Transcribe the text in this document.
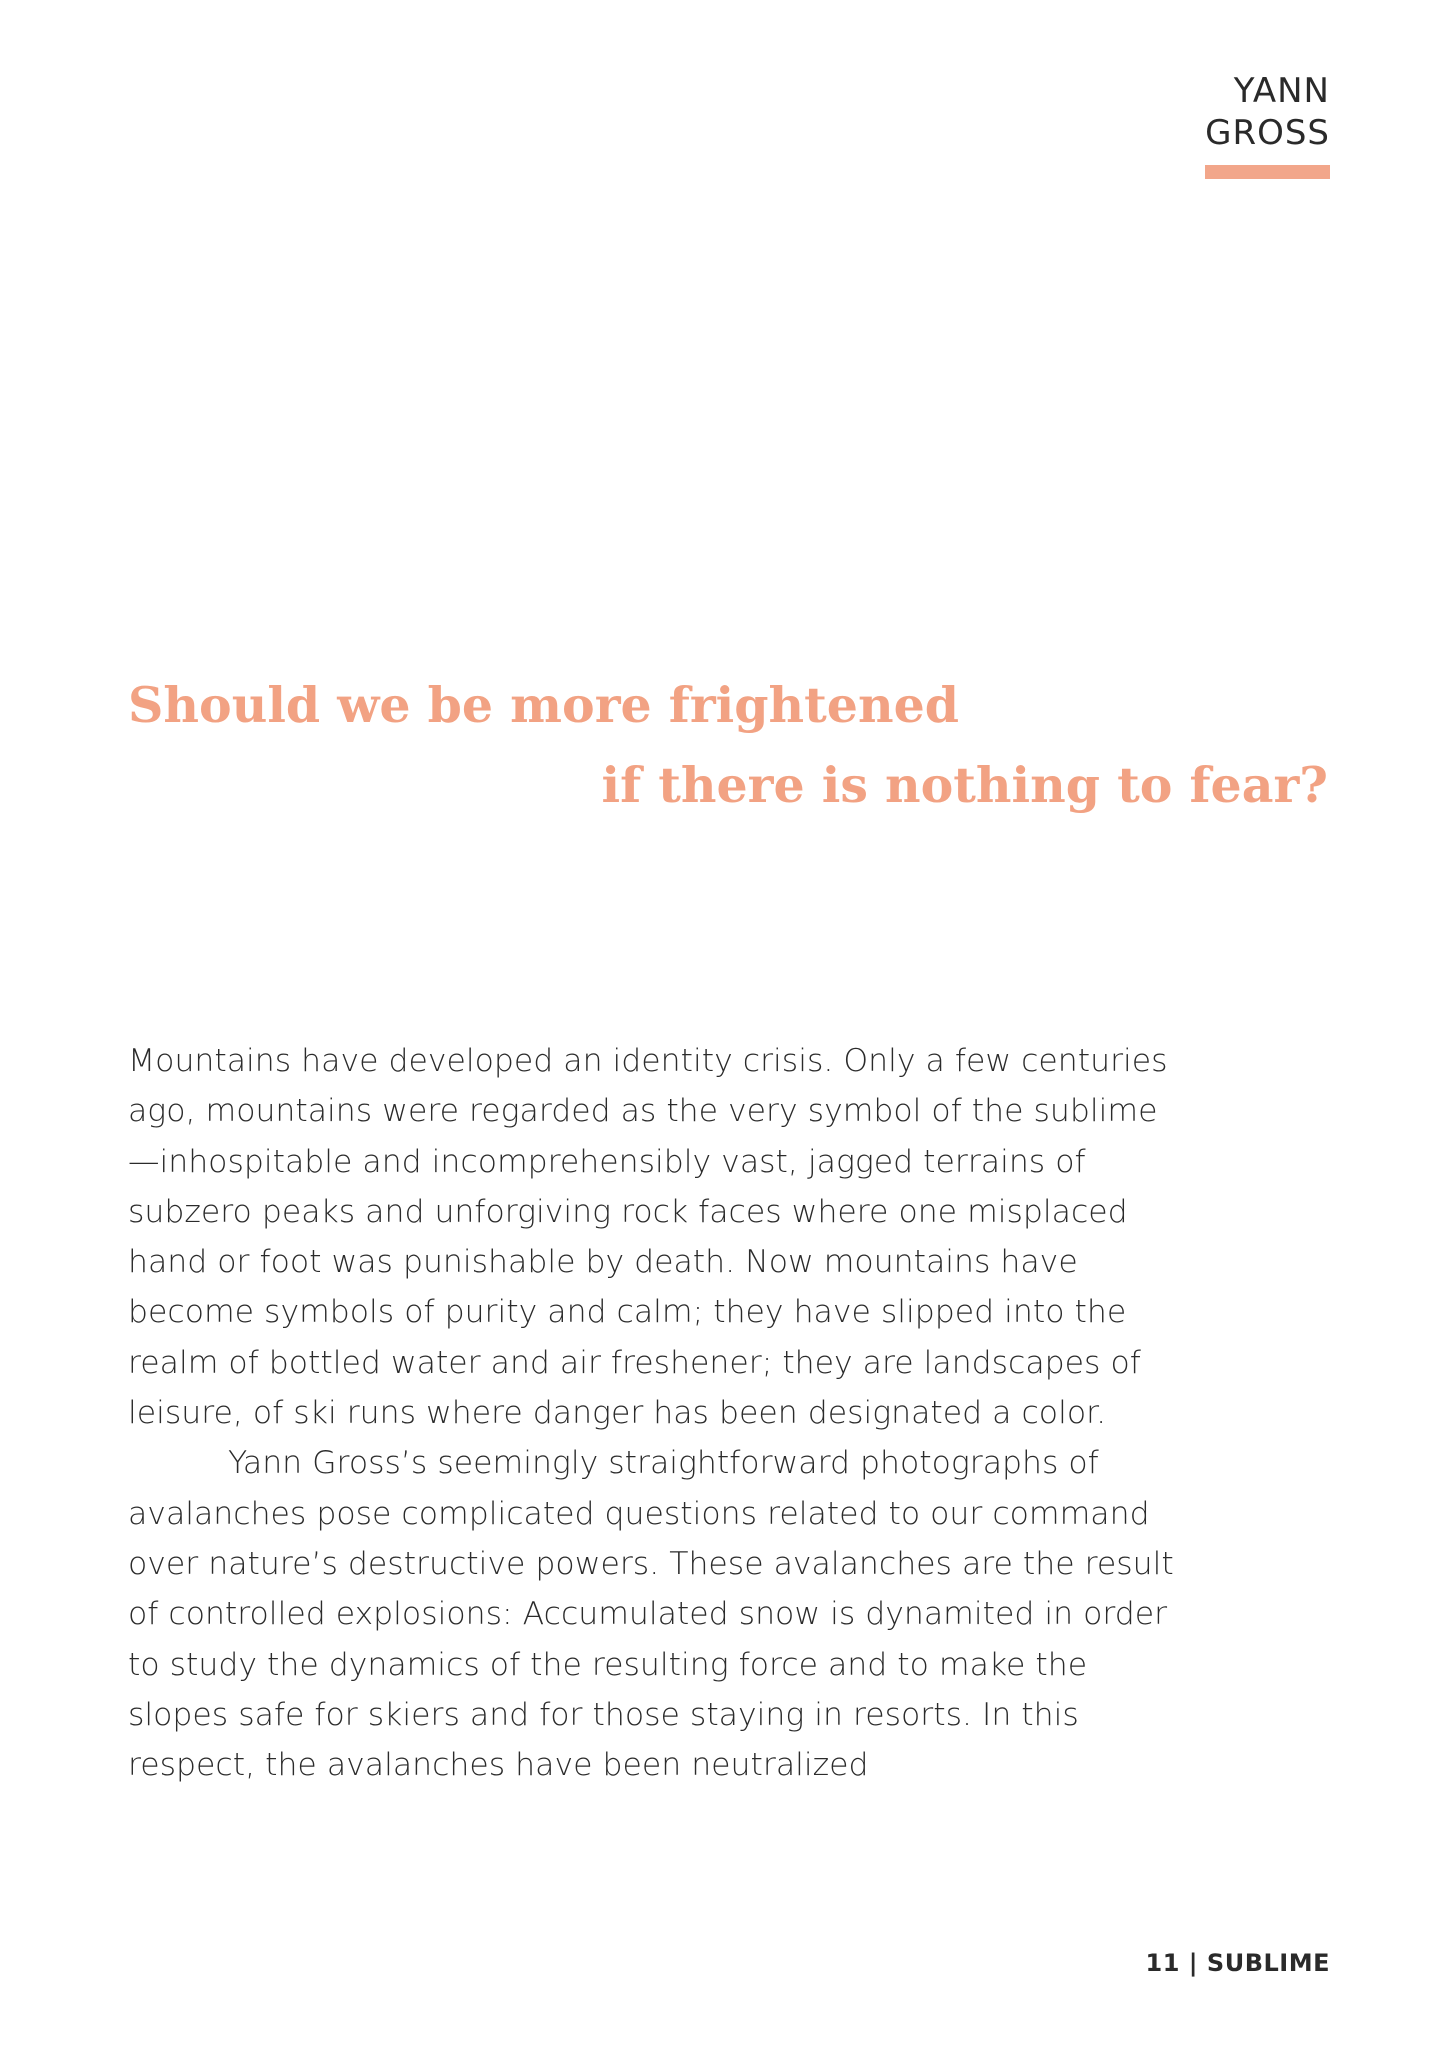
YANN
GROSS
Should we be more frightened
if there is nothing to fear?

Mountains have developed an identity crisis. Only a few centuries ago, mountains were regarded as the very symbol of the sublime—inhospitable and incomprehensibly vast, jagged terrains of subzero peaks and unforgiving rock faces where one misplaced hand or foot was punishable by death. Now mountains have become symbols of purity and calm; they have slipped into the realm of bottled water and air freshener; they are landscapes of leisure, of ski runs where danger has been designated a color.

Yann Gross’s seemingly straightforward photographs of avalanches pose complicated questions related to our command over nature’s destructive powers. These avalanches are the result of controlled explosions: Accumulated snow is dynamited in order to study the dynamics of the resulting force and to make the slopes safe for skiers and for those staying in resorts. In this respect, the avalanches have been neutralized

11 | SUBLIME
